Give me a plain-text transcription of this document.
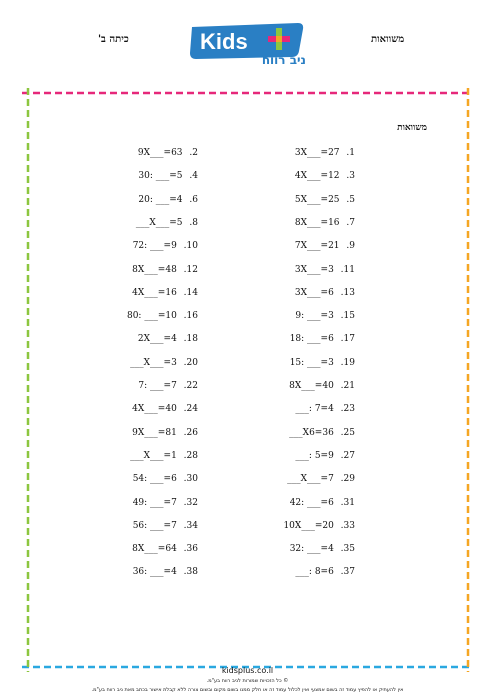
כיתה ב'	משוואות
Kids
ניב רווח
משוואות
3X___=27 .1
4X___=12 .3
5X___=25 .5
8X___=16 .7
7X___=21 .9
3X___=3 .11
3X___=6 .13
9: ___=3 .15
18: ___=6 .17
15: ___=3 .19
8X___=40 .21
___: 7=4 .23
___X6=36 .25
___: 5=9 .27
___X___=7 .29
42: ___=6 .31
10X___=20 .33
32: ___=4 .35
___: 8=6 .37
9X___=63 .2
30: ___=5 .4
20: ___=4 .6
___X___=5 .8
72: ___=9 .10
8X___=48 .12
4X___=16 .14
80: ___=10 .16
2X___=4 .18
___X___=3 .20
7: ___=7 .22
4X___=40 .24
9X___=81 .26
___X___=1 .28
54: ___=6 .30
49: ___=7 .32
56: ___=7 .34
8X___=64 .36
36: ___=4 .38
kidsplus.co.il
© כל הזכויות שמורות לניב רווח בע"מ.
אין להעתיק או להפיץ עמוד זה בשום אמצעי ואין לכלול עמוד זה או חלק ממנו בשום מקום ובשום צורה ללא קבלת אישור בכתב מאת ניב רווח בע"מ.
